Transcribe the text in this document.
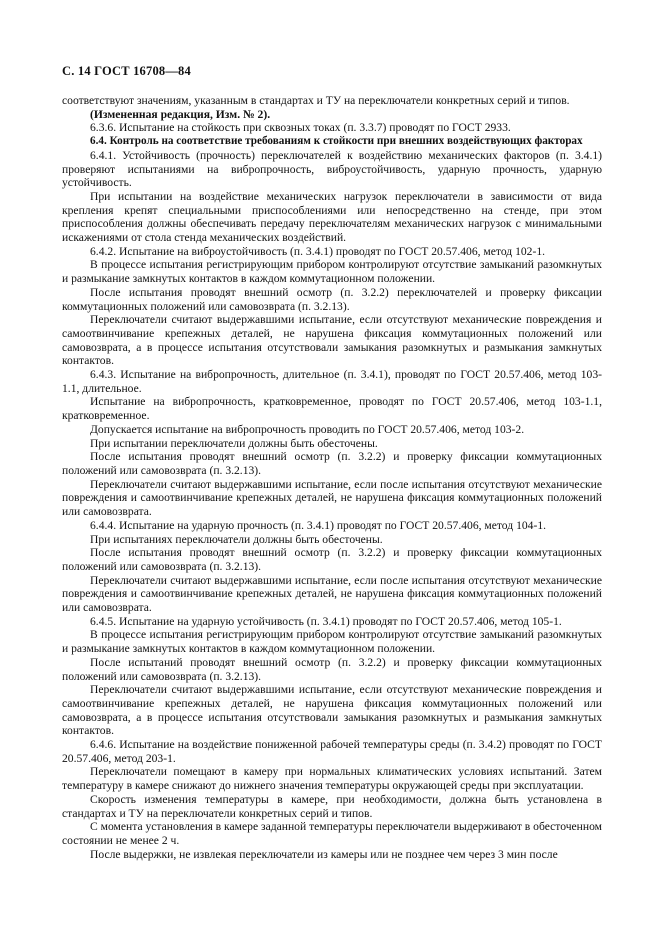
С. 14 ГОСТ 16708—84

соответствуют значениям, указанным в стандартах и ТУ на переключатели конкретных серий и типов.

(Измененная редакция, Изм. № 2).

6.3.6. Испытание на стойкость при сквозных токах (п. 3.3.7) проводят по ГОСТ 2933.

6.4. Контроль на соответствие требованиям к стойкости при внешних воздействующих факторах

6.4.1. Устойчивость (прочность) переключателей к воздействию механических факторов (п. 3.4.1) проверяют испытаниями на вибропрочность, виброустойчивость, ударную прочность, ударную устойчивость.

При испытании на воздействие механических нагрузок переключатели в зависимости от вида крепления крепят специальными приспособлениями или непосредственно на стенде, при этом приспособления должны обеспечивать передачу переключателям механических нагрузок с минимальными искажениями от стола стенда механических воздействий.

6.4.2. Испытание на виброустойчивость (п. 3.4.1) проводят по ГОСТ 20.57.406, метод 102-1.

В процессе испытания регистрирующим прибором контролируют отсутствие замыканий разомкнутых и размыкание замкнутых контактов в каждом коммутационном положении.

После испытания проводят внешний осмотр (п. 3.2.2) переключателей и проверку фиксации коммутационных положений или самовозврата (п. 3.2.13).

Переключатели считают выдержавшими испытание, если отсутствуют механические повреждения и самоотвинчивание крепежных деталей, не нарушена фиксация коммутационных положений или самовозврата, а в процессе испытания отсутствовали замыкания разомкнутых и размыкания замкнутых контактов.

6.4.3. Испытание на вибропрочность, длительное (п. 3.4.1), проводят по ГОСТ 20.57.406, метод 103-1.1, длительное.

Испытание на вибропрочность, кратковременное, проводят по ГОСТ 20.57.406, метод 103-1.1, кратковременное.

Допускается испытание на вибропрочность проводить по ГОСТ 20.57.406, метод 103-2.

При испытании переключатели должны быть обесточены.

После испытания проводят внешний осмотр (п. 3.2.2) и проверку фиксации коммутационных положений или самовозврата (п. 3.2.13).

Переключатели считают выдержавшими испытание, если после испытания отсутствуют механические повреждения и самоотвинчивание крепежных деталей, не нарушена фиксация коммутационных положений или самовозврата.

6.4.4. Испытание на ударную прочность (п. 3.4.1) проводят по ГОСТ 20.57.406, метод 104-1.

При испытаниях переключатели должны быть обесточены.

После испытания проводят внешний осмотр (п. 3.2.2) и проверку фиксации коммутационных положений или самовозврата (п. 3.2.13).

Переключатели считают выдержавшими испытание, если после испытания отсутствуют механические повреждения и самоотвинчивание крепежных деталей, не нарушена фиксация коммутационных положений или самовозврата.

6.4.5. Испытание на ударную устойчивость (п. 3.4.1) проводят по ГОСТ 20.57.406, метод 105-1.

В процессе испытания регистрирующим прибором контролируют отсутствие замыканий разомкнутых и размыкание замкнутых контактов в каждом коммутационном положении.

После испытаний проводят внешний осмотр (п. 3.2.2) и проверку фиксации коммутационных положений или самовозврата (п. 3.2.13).

Переключатели считают выдержавшими испытание, если отсутствуют механические повреждения и самоотвинчивание крепежных деталей, не нарушена фиксация коммутационных положений или самовозврата, а в процессе испытания отсутствовали замыкания разомкнутых и размыкания замкнутых контактов.

6.4.6. Испытание на воздействие пониженной рабочей температуры среды (п. 3.4.2) проводят по ГОСТ 20.57.406, метод 203-1.

Переключатели помещают в камеру при нормальных климатических условиях испытаний. Затем температуру в камере снижают до нижнего значения температуры окружающей среды при эксплуатации.

Скорость изменения температуры в камере, при необходимости, должна быть установлена в стандартах и ТУ на переключатели конкретных серий и типов.

С момента установления в камере заданной температуры переключатели выдерживают в обесточенном состоянии не менее 2 ч.

После выдержки, не извлекая переключатели из камеры или не позднее чем через 3 мин после
